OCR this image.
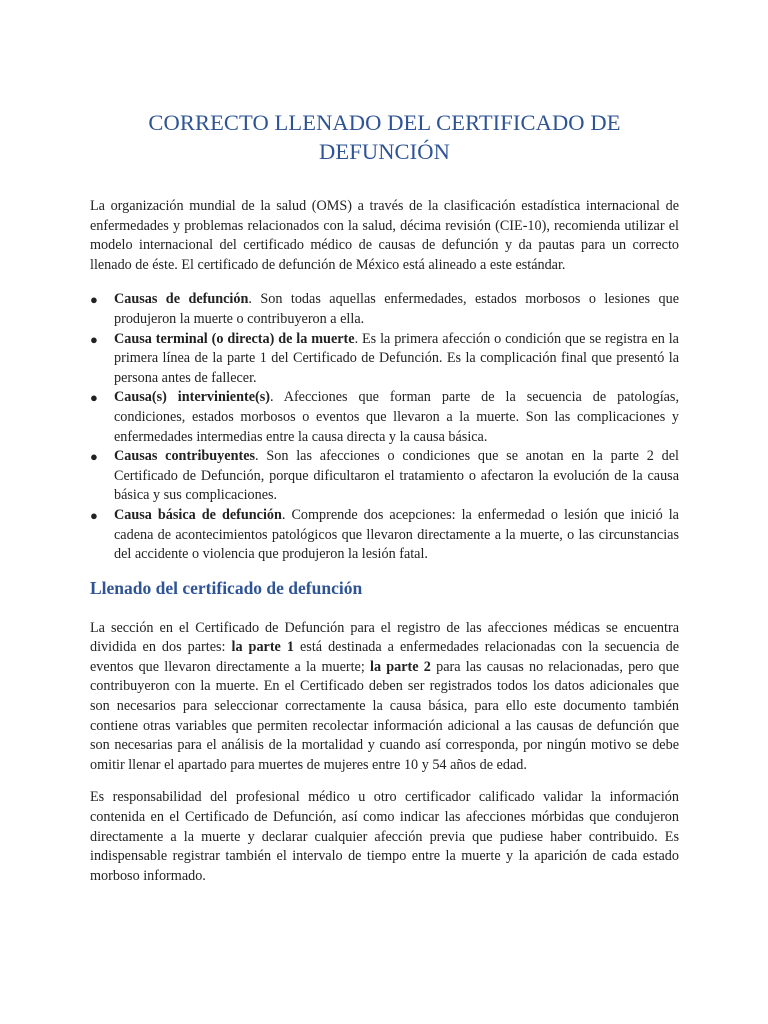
CORRECTO LLENADO DEL CERTIFICADO DE
DEFUNCIÓN

La organización mundial de la salud (OMS) a través de la clasificación estadística internacional de enfermedades y problemas relacionados con la salud, décima revisión (CIE-10), recomienda utilizar el modelo internacional del certificado médico de causas de defunción y da pautas para un correcto llenado de éste. El certificado de defunción de México está alineado a este estándar.

● Causas de defunción. Son todas aquellas enfermedades, estados morbosos o lesiones que produjeron la muerte o contribuyeron a ella.
● Causa terminal (o directa) de la muerte. Es la primera afección o condición que se registra en la primera línea de la parte 1 del Certificado de Defunción. Es la complicación final que presentó la persona antes de fallecer.
● Causa(s) interviniente(s). Afecciones que forman parte de la secuencia de patologías, condiciones, estados morbosos o eventos que llevaron a la muerte. Son las complicaciones y enfermedades intermedias entre la causa directa y la causa básica.
● Causas contribuyentes. Son las afecciones o condiciones que se anotan en la parte 2 del Certificado de Defunción, porque dificultaron el tratamiento o afectaron la evolución de la causa básica y sus complicaciones.
● Causa básica de defunción. Comprende dos acepciones: la enfermedad o lesión que inició la cadena de acontecimientos patológicos que llevaron directamente a la muerte, o las circunstancias del accidente o violencia que produjeron la lesión fatal.
Llenado del certificado de defunción

La sección en el Certificado de Defunción para el registro de las afecciones médicas se encuentra dividida en dos partes: la parte 1 está destinada a enfermedades relacionadas con la secuencia de eventos que llevaron directamente a la muerte; la parte 2 para las causas no relacionadas, pero que contribuyeron con la muerte. En el Certificado deben ser registrados todos los datos adicionales que son necesarios para seleccionar correctamente la causa básica, para ello este documento también contiene otras variables que permiten recolectar información adicional a las causas de defunción que son necesarias para el análisis de la mortalidad y cuando así corresponda, por ningún motivo se debe omitir llenar el apartado para muertes de mujeres entre 10 y 54 años de edad.

Es responsabilidad del profesional médico u otro certificador calificado validar la información contenida en el Certificado de Defunción, así como indicar las afecciones mórbidas que condujeron directamente a la muerte y declarar cualquier afección previa que pudiese haber contribuido. Es indispensable registrar también el intervalo de tiempo entre la muerte y la aparición de cada estado morboso informado.
